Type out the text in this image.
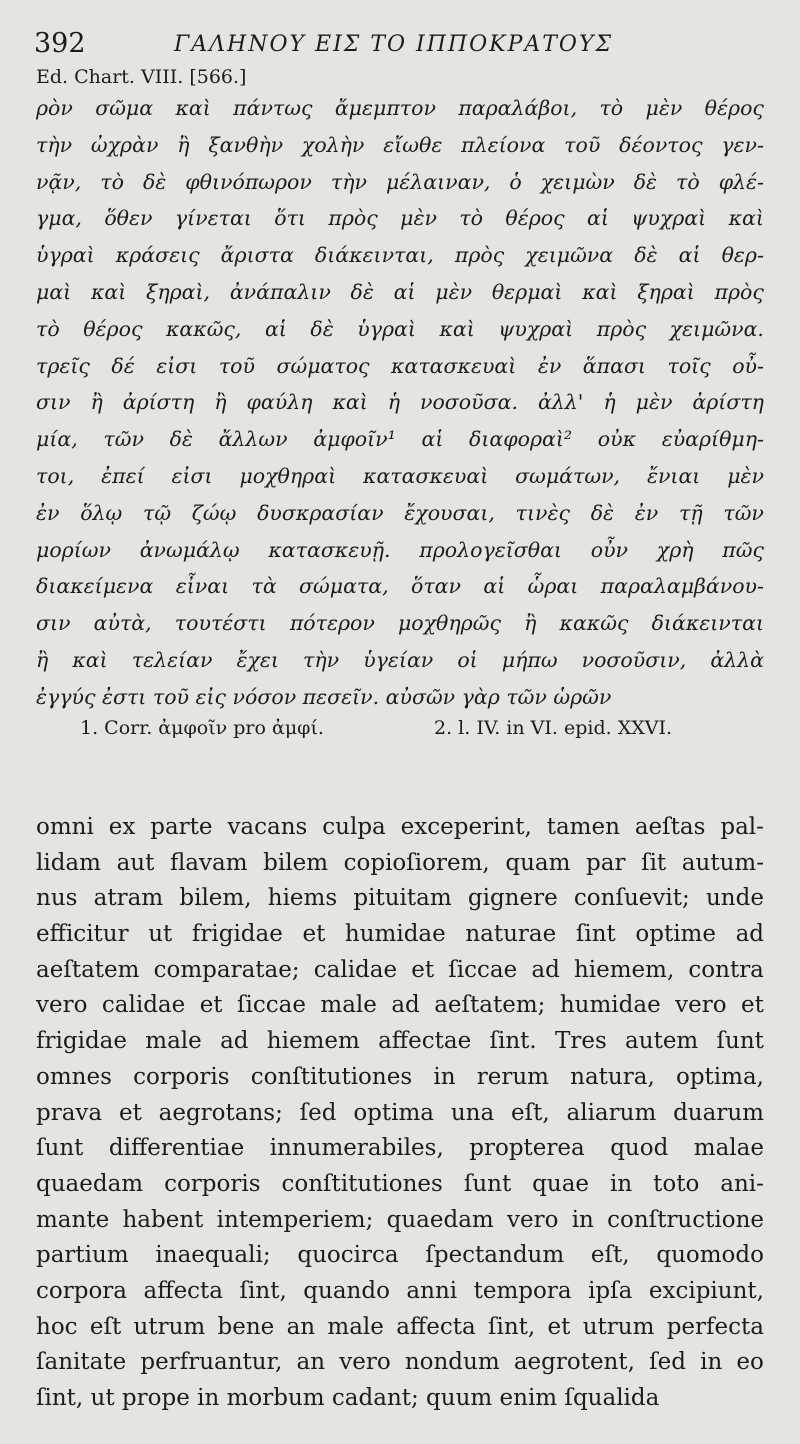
392	ΓΑΛΗΝΟΥ ΕΙΣ ΤΟ ΙΠΠΟΚΡΑΤΟΥΣ
Ed. Chart. VIII. [566.]
ρὸν σῶμα καὶ πάντως ἄμεμπτον παραλάβοι, τὸ μὲν θέρος
τὴν ὠχρὰν ἢ ξανθὴν χολὴν εἴωθε πλείονα τοῦ δέοντος γεν-
νᾷν, τὸ δὲ φθινόπωρον τὴν μέλαιναν, ὁ χειμὼν δὲ τὸ φλέ-
γμα, ὅθεν γίνεται ὅτι πρὸς μὲν τὸ θέρος αἱ ψυχραὶ καὶ
ὑγραὶ κράσεις ἄριστα διάκεινται, πρὸς χειμῶνα δὲ αἱ θερ-
μαὶ καὶ ξηραὶ, ἀνάπαλιν δὲ αἱ μὲν θερμαὶ καὶ ξηραὶ πρὸς
τὸ θέρος κακῶς, αἱ δὲ ὑγραὶ καὶ ψυχραὶ πρὸς χειμῶνα.
τρεῖς δέ εἰσι τοῦ σώματος κατασκευαὶ ἐν ἅπασι τοῖς οὖ-
σιν ἢ ἀρίστη ἢ φαύλη καὶ ἡ νοσοῦσα. ἀλλ' ἡ μὲν ἀρίστη
μία, τῶν δὲ ἄλλων ἀμφοῖν¹ αἱ διαφοραὶ² οὐκ εὐαρίθμη-
τοι, ἐπεί εἰσι μοχθηραὶ κατασκευαὶ σωμάτων, ἔνιαι μὲν
ἐν ὅλῳ τῷ ζώῳ δυσκρασίαν ἔχουσαι, τινὲς δὲ ἐν τῇ τῶν
μορίων ἀνωμάλῳ κατασκευῇ. προλογεῖσθαι οὖν χρὴ πῶς
διακείμενα εἶναι τὰ σώματα, ὅταν αἱ ὧραι παραλαμβάνου-
σιν αὐτὰ, τουτέστι πότερον μοχθηρῶς ἢ κακῶς διάκεινται
ἢ καὶ τελείαν ἔχει τὴν ὑγείαν οἱ μήπω νοσοῦσιν, ἀλλὰ
ἐγγύς ἐστι τοῦ εἰς νόσον πεσεῖν. αὐσῶν γὰρ τῶν ὡρῶν
1. Corr. ἀμφοῖν pro ἀμφί.	2. l. IV. in VI. epid. XXVI.
omni ex parte vacans culpa exceperint, tamen aeſtas pal-
lidam aut flavam bilem copioſiorem, quam par ſit autum-
nus atram bilem, hiems pituitam gignere conſuevit; unde
efficitur ut frigidae et humidae naturae ſint optime ad
aeſtatem comparatae; calidae et ſiccae ad hiemem, contra
vero calidae et ſiccae male ad aeſtatem; humidae vero et
frigidae male ad hiemem affectae ſint. Tres autem ſunt
omnes corporis conſtitutiones in rerum natura, optima,
prava et aegrotans; ſed optima una eſt, aliarum duarum
ſunt differentiae innumerabiles, propterea quod malae
quaedam corporis conſtitutiones ſunt quae in toto ani-
mante habent intemperiem; quaedam vero in conſtructione
partium inaequali; quocirca ſpectandum eſt, quomodo
corpora affecta ſint, quando anni tempora ipſa excipiunt,
hoc eſt utrum bene an male affecta ſint, et utrum perfecta
ſanitate perfruantur, an vero nondum aegrotent, ſed in eo
ſint, ut prope in morbum cadant; quum enim ſqualida
